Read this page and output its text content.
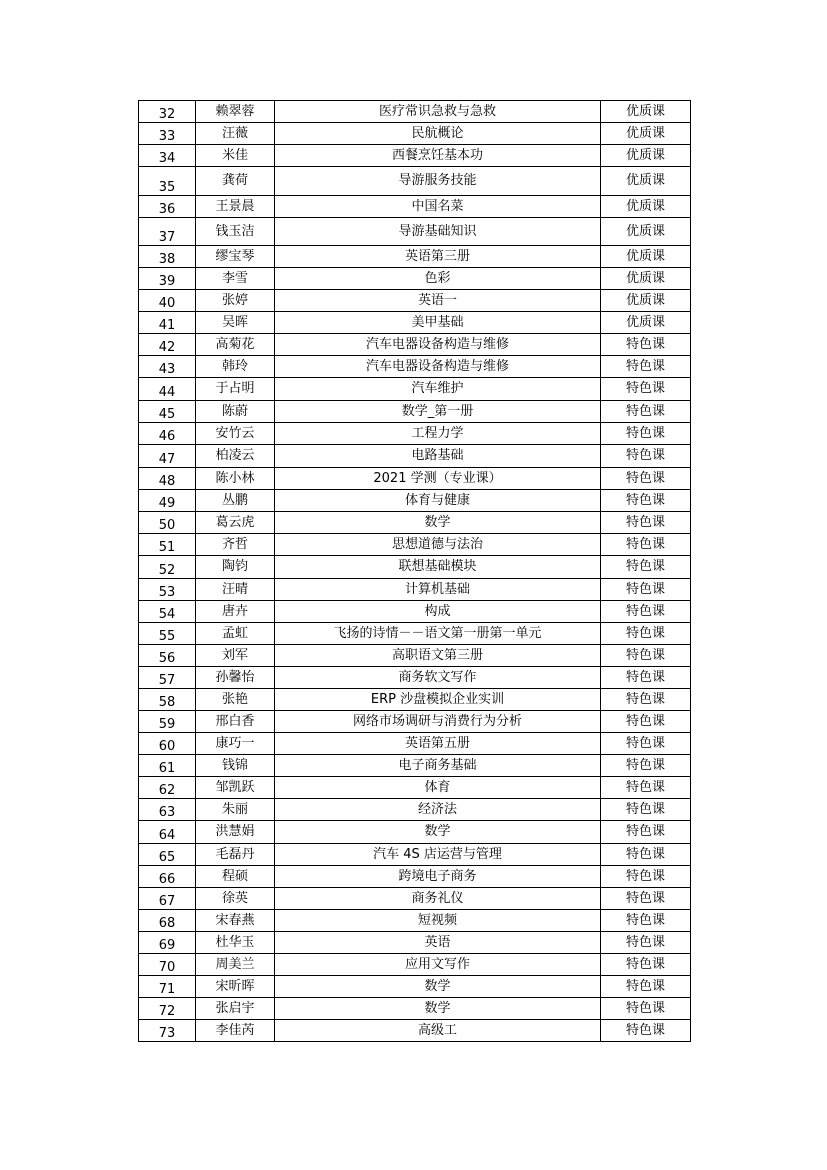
32	赖翠蓉	医疗常识急救与急救	优质课
33	汪薇	民航概论	优质课
34	米佳	西餐烹饪基本功	优质课
35	龚荷	导游服务技能	优质课
36	王景晨	中国名菜	优质课
37	钱玉洁	导游基础知识	优质课
38	缪宝琴	英语第三册	优质课
39	李雪	色彩	优质课
40	张婷	英语一	优质课
41	吴晖	美甲基础	优质课
42	高菊花	汽车电器设备构造与维修	特色课
43	韩玲	汽车电器设备构造与维修	特色课
44	于占明	汽车维护	特色课
45	陈蔚	数学_第一册	特色课
46	安竹云	工程力学	特色课
47	柏凌云	电路基础	特色课
48	陈小林	2021 学测（专业课）	特色课
49	丛鹏	体育与健康	特色课
50	葛云虎	数学	特色课
51	齐哲	思想道德与法治	特色课
52	陶钧	联想基础模块	特色课
53	汪晴	计算机基础	特色课
54	唐卉	构成	特色课
55	孟虹	飞扬的诗情－－语文第一册第一单元	特色课
56	刘军	高职语文第三册	特色课
57	孙馨怡	商务软文写作	特色课
58	张艳	ERP 沙盘模拟企业实训	特色课
59	邢白香	网络市场调研与消费行为分析	特色课
60	康巧一	英语第五册	特色课
61	钱锦	电子商务基础	特色课
62	邹凯跃	体育	特色课
63	朱丽	经济法	特色课
64	洪慧娟	数学	特色课
65	毛磊丹	汽车 4S 店运营与管理	特色课
66	程硕	跨境电子商务	特色课
67	徐英	商务礼仪	特色课
68	宋春燕	短视频	特色课
69	杜华玉	英语	特色课
70	周美兰	应用文写作	特色课
71	宋昕晖	数学	特色课
72	张启宇	数学	特色课
73	李佳芮	高级工	特色课
